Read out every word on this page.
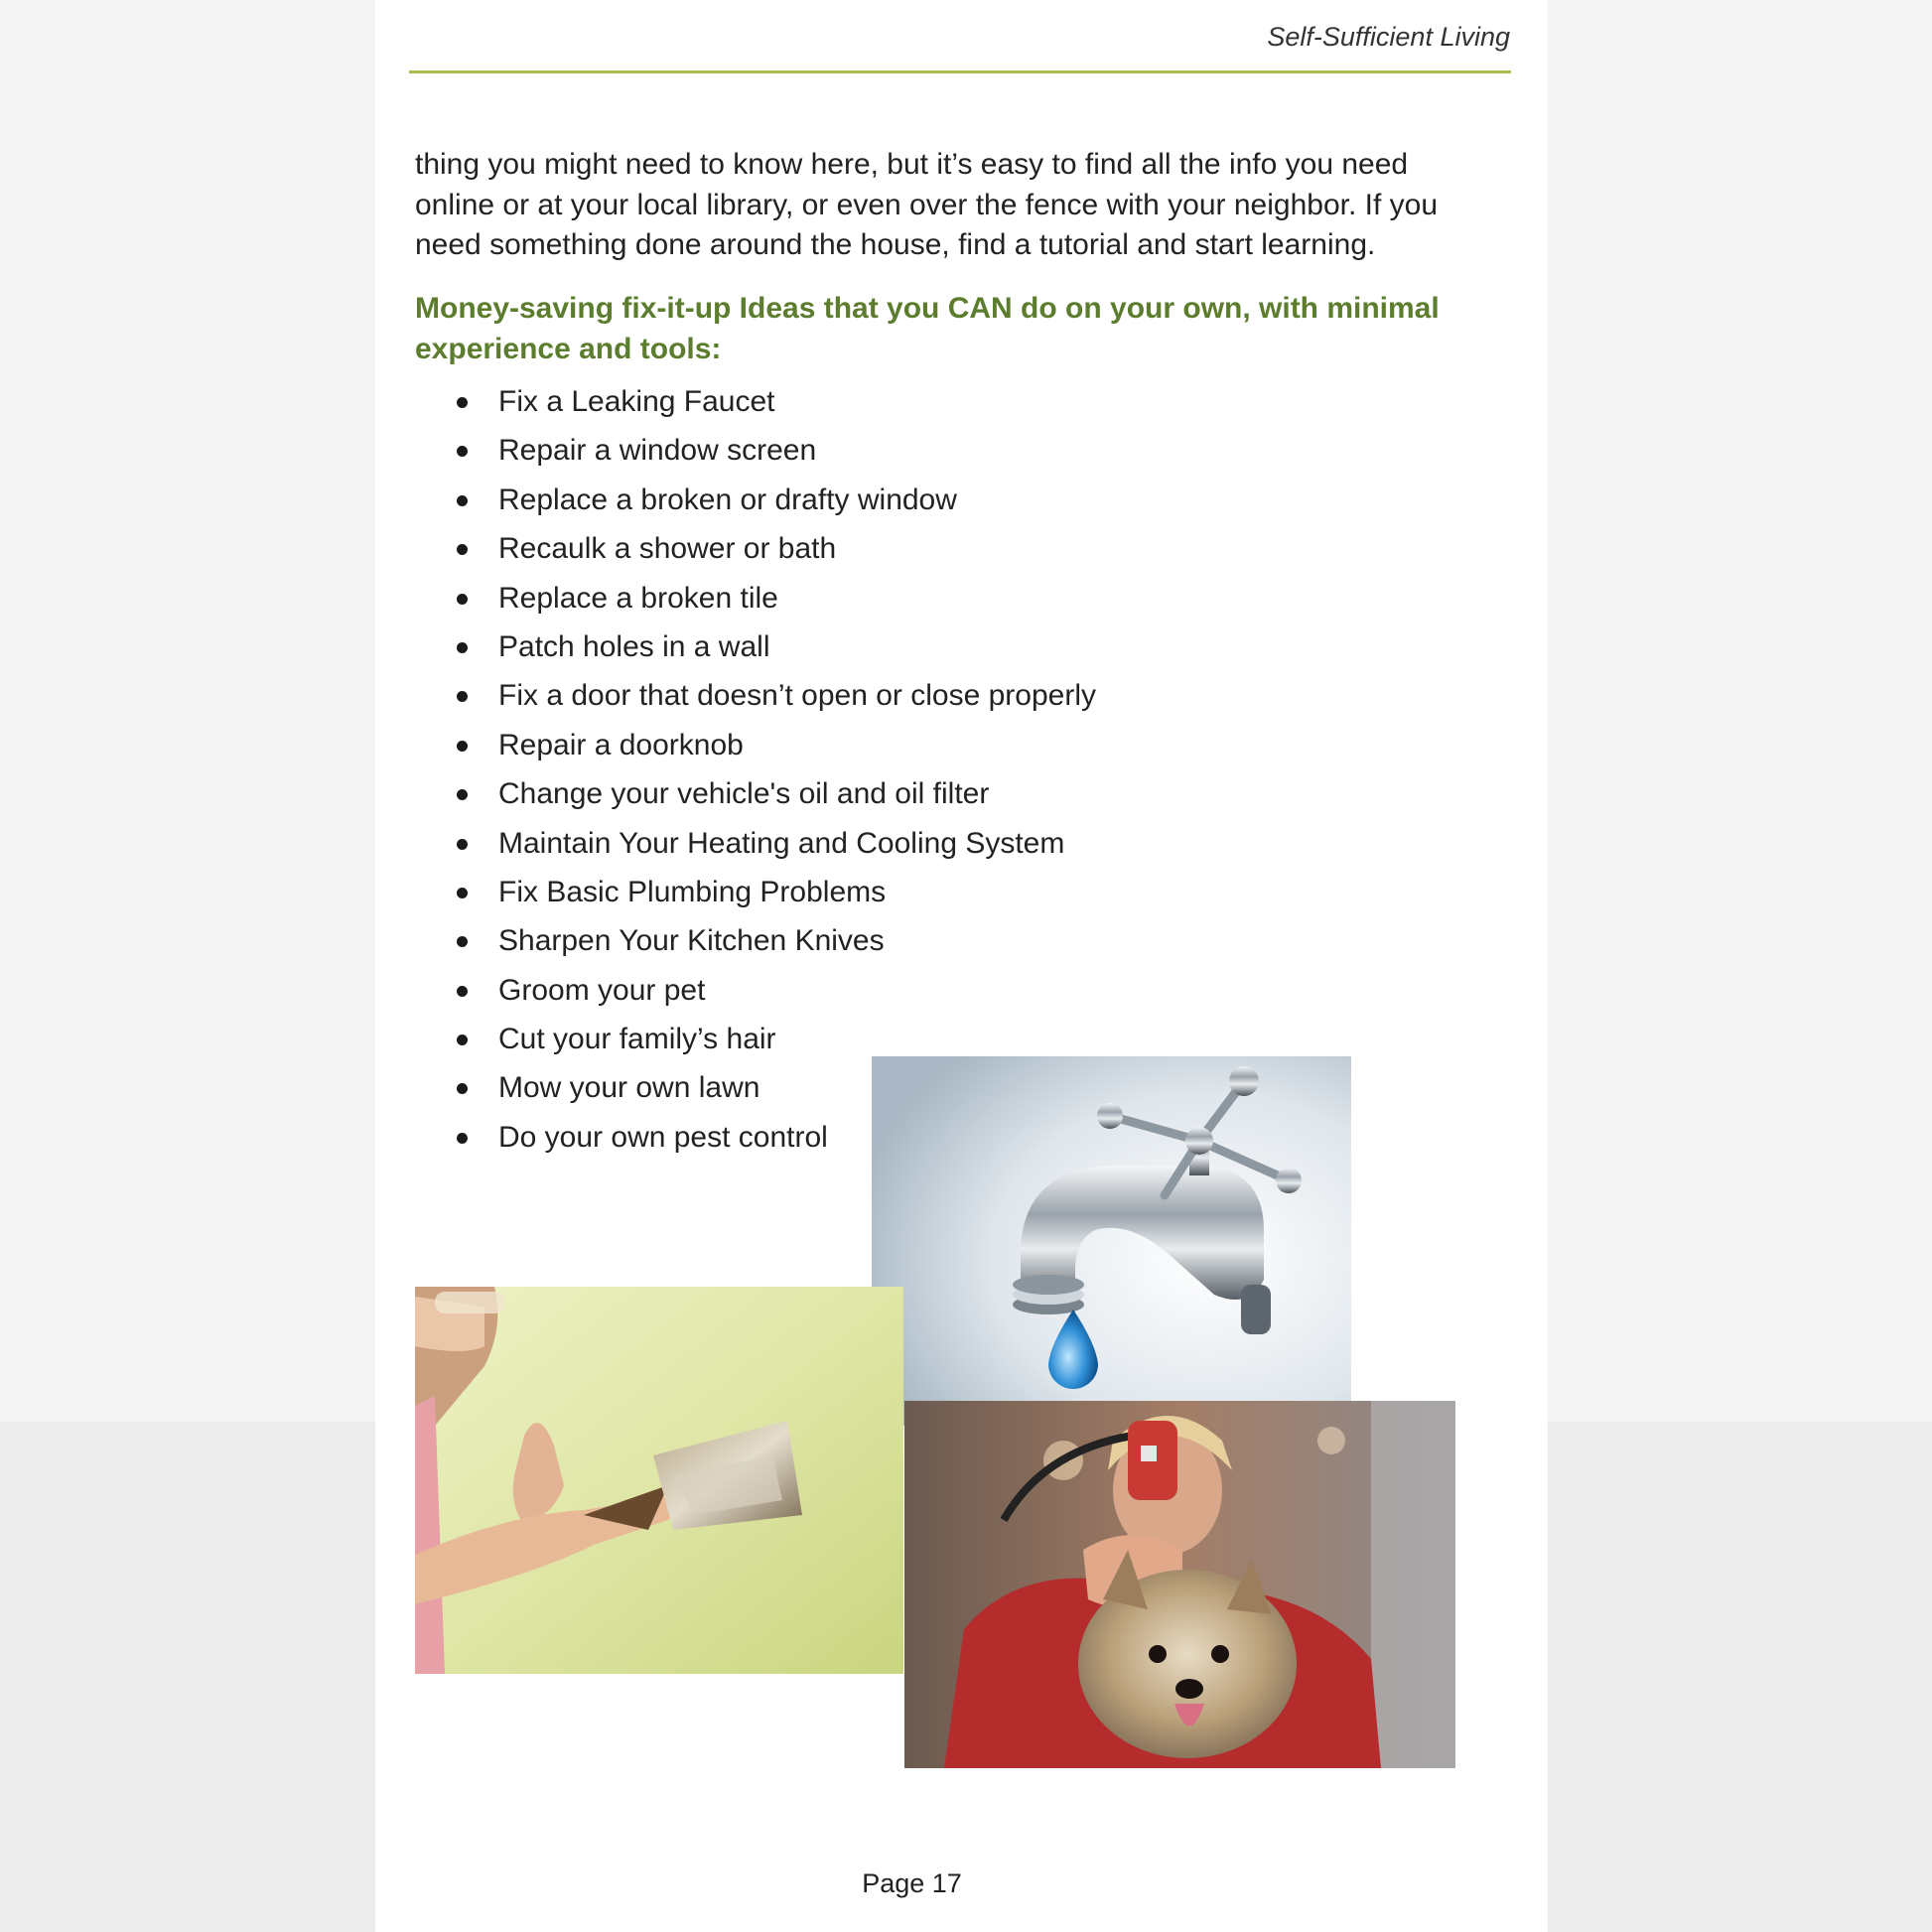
Self-Sufficient Living

thing you might need to know here, but it’s easy to find all the info you need online or at your local library, or even over the fence with your neighbor. If you need something done around the house, find a tutorial and start learning.

Money-saving fix-it-up Ideas that you CAN do on your own, with minimal experience and tools:

Fix a Leaking Faucet
Repair a window screen
Replace a broken or drafty window
Recaulk a shower or bath
Replace a broken tile
Patch holes in a wall
Fix a door that doesn’t open or close properly
Repair a doorknob
Change your vehicle's oil and oil filter
Maintain Your Heating and Cooling System
Fix Basic Plumbing Problems
Sharpen Your Kitchen Knives
Groom your pet
Cut your family’s hair
Mow your own lawn
Do your own pest control
Page 17
